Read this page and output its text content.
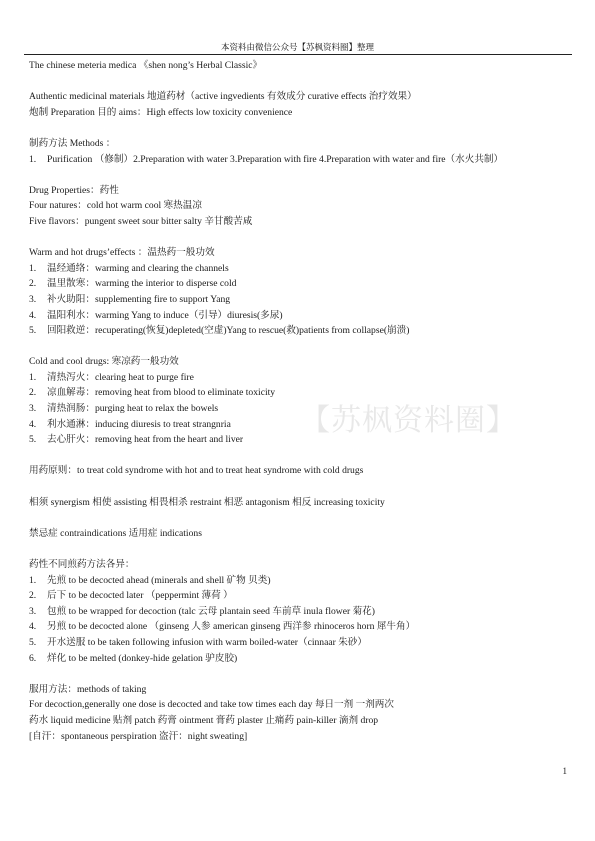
本资料由微信公众号【苏枫资料圈】整理
【苏枫资料圈】
The chinese meteria medica 《shen nong’s Herbal Classic》
Authentic medicinal materials 地道药材（active ingvedients 有效成分 curative effects 治疗效果）
炮制 Preparation 目的 aims：High effects low toxicity convenience
制药方法 Methods ：
1. Purification （修制）2.Preparation with water 3.Preparation with fire 4.Preparation with water and fire（水火共制）
Drug Properties：药性
Four natures：cold hot warm cool 寒热温凉
Five flavors：pungent sweet sour bitter salty 辛甘酸苦咸
Warm and hot drugs’effects ：温热药一般功效
1. 温经通络：warming and clearing the channels
2. 温里散寒：warming the interior to disperse cold
3. 补火助阳：supplementing fire to support Yang
4. 温阳利水：warming Yang to induce（引导）diuresis(多尿)
5. 回阳救逆：recuperating(恢复)depleted(空虚)Yang to rescue(救)patients from collapse(崩溃)
Cold and cool drugs: 寒凉药一般功效
1. 清热泻火：clearing heat to purge fire
2. 凉血解毒：removing heat from blood to eliminate toxicity
3. 清热润肠：purging heat to relax the bowels
4. 利水通淋：inducing diuresis to treat strangnria
5. 去心肝火：removing heat from the heart and liver
用药原则：to treat cold syndrome with hot and to treat heat syndrome with cold drugs
相须 synergism 相使 assisting 相畏相杀 restraint 相恶 antagonism 相反 increasing toxicity
禁忌症 contraindications 适用症 indications
药性不同煎药方法各异：
1. 先煎 to be decocted ahead (minerals and shell 矿物 贝类)
2. 后下 to be decocted later （peppermint 薄荷 ）
3. 包煎 to be wrapped for decoction (talc 云母 plantain seed 车前草 inula flower 菊花)
4. 另煎 to be decocted alone （ginseng 人参 american ginseng 西洋参 rhinoceros horn 犀牛角）
5. 开水送服 to be taken following infusion with warm boiled-water（cinnaar 朱砂）
6. 烊化 to be melted (donkey-hide gelation 驴皮胶)
服用方法：methods of taking
For decoction,generally one dose is decocted and take tow times each day 每日一剂 一剂两次
药水 liquid medicine 贴剂 patch 药膏 ointment 膏药 plaster 止痛药 pain-killer 滴剂 drop
[自汗：spontaneous perspiration 盗汗：night sweating]
1
